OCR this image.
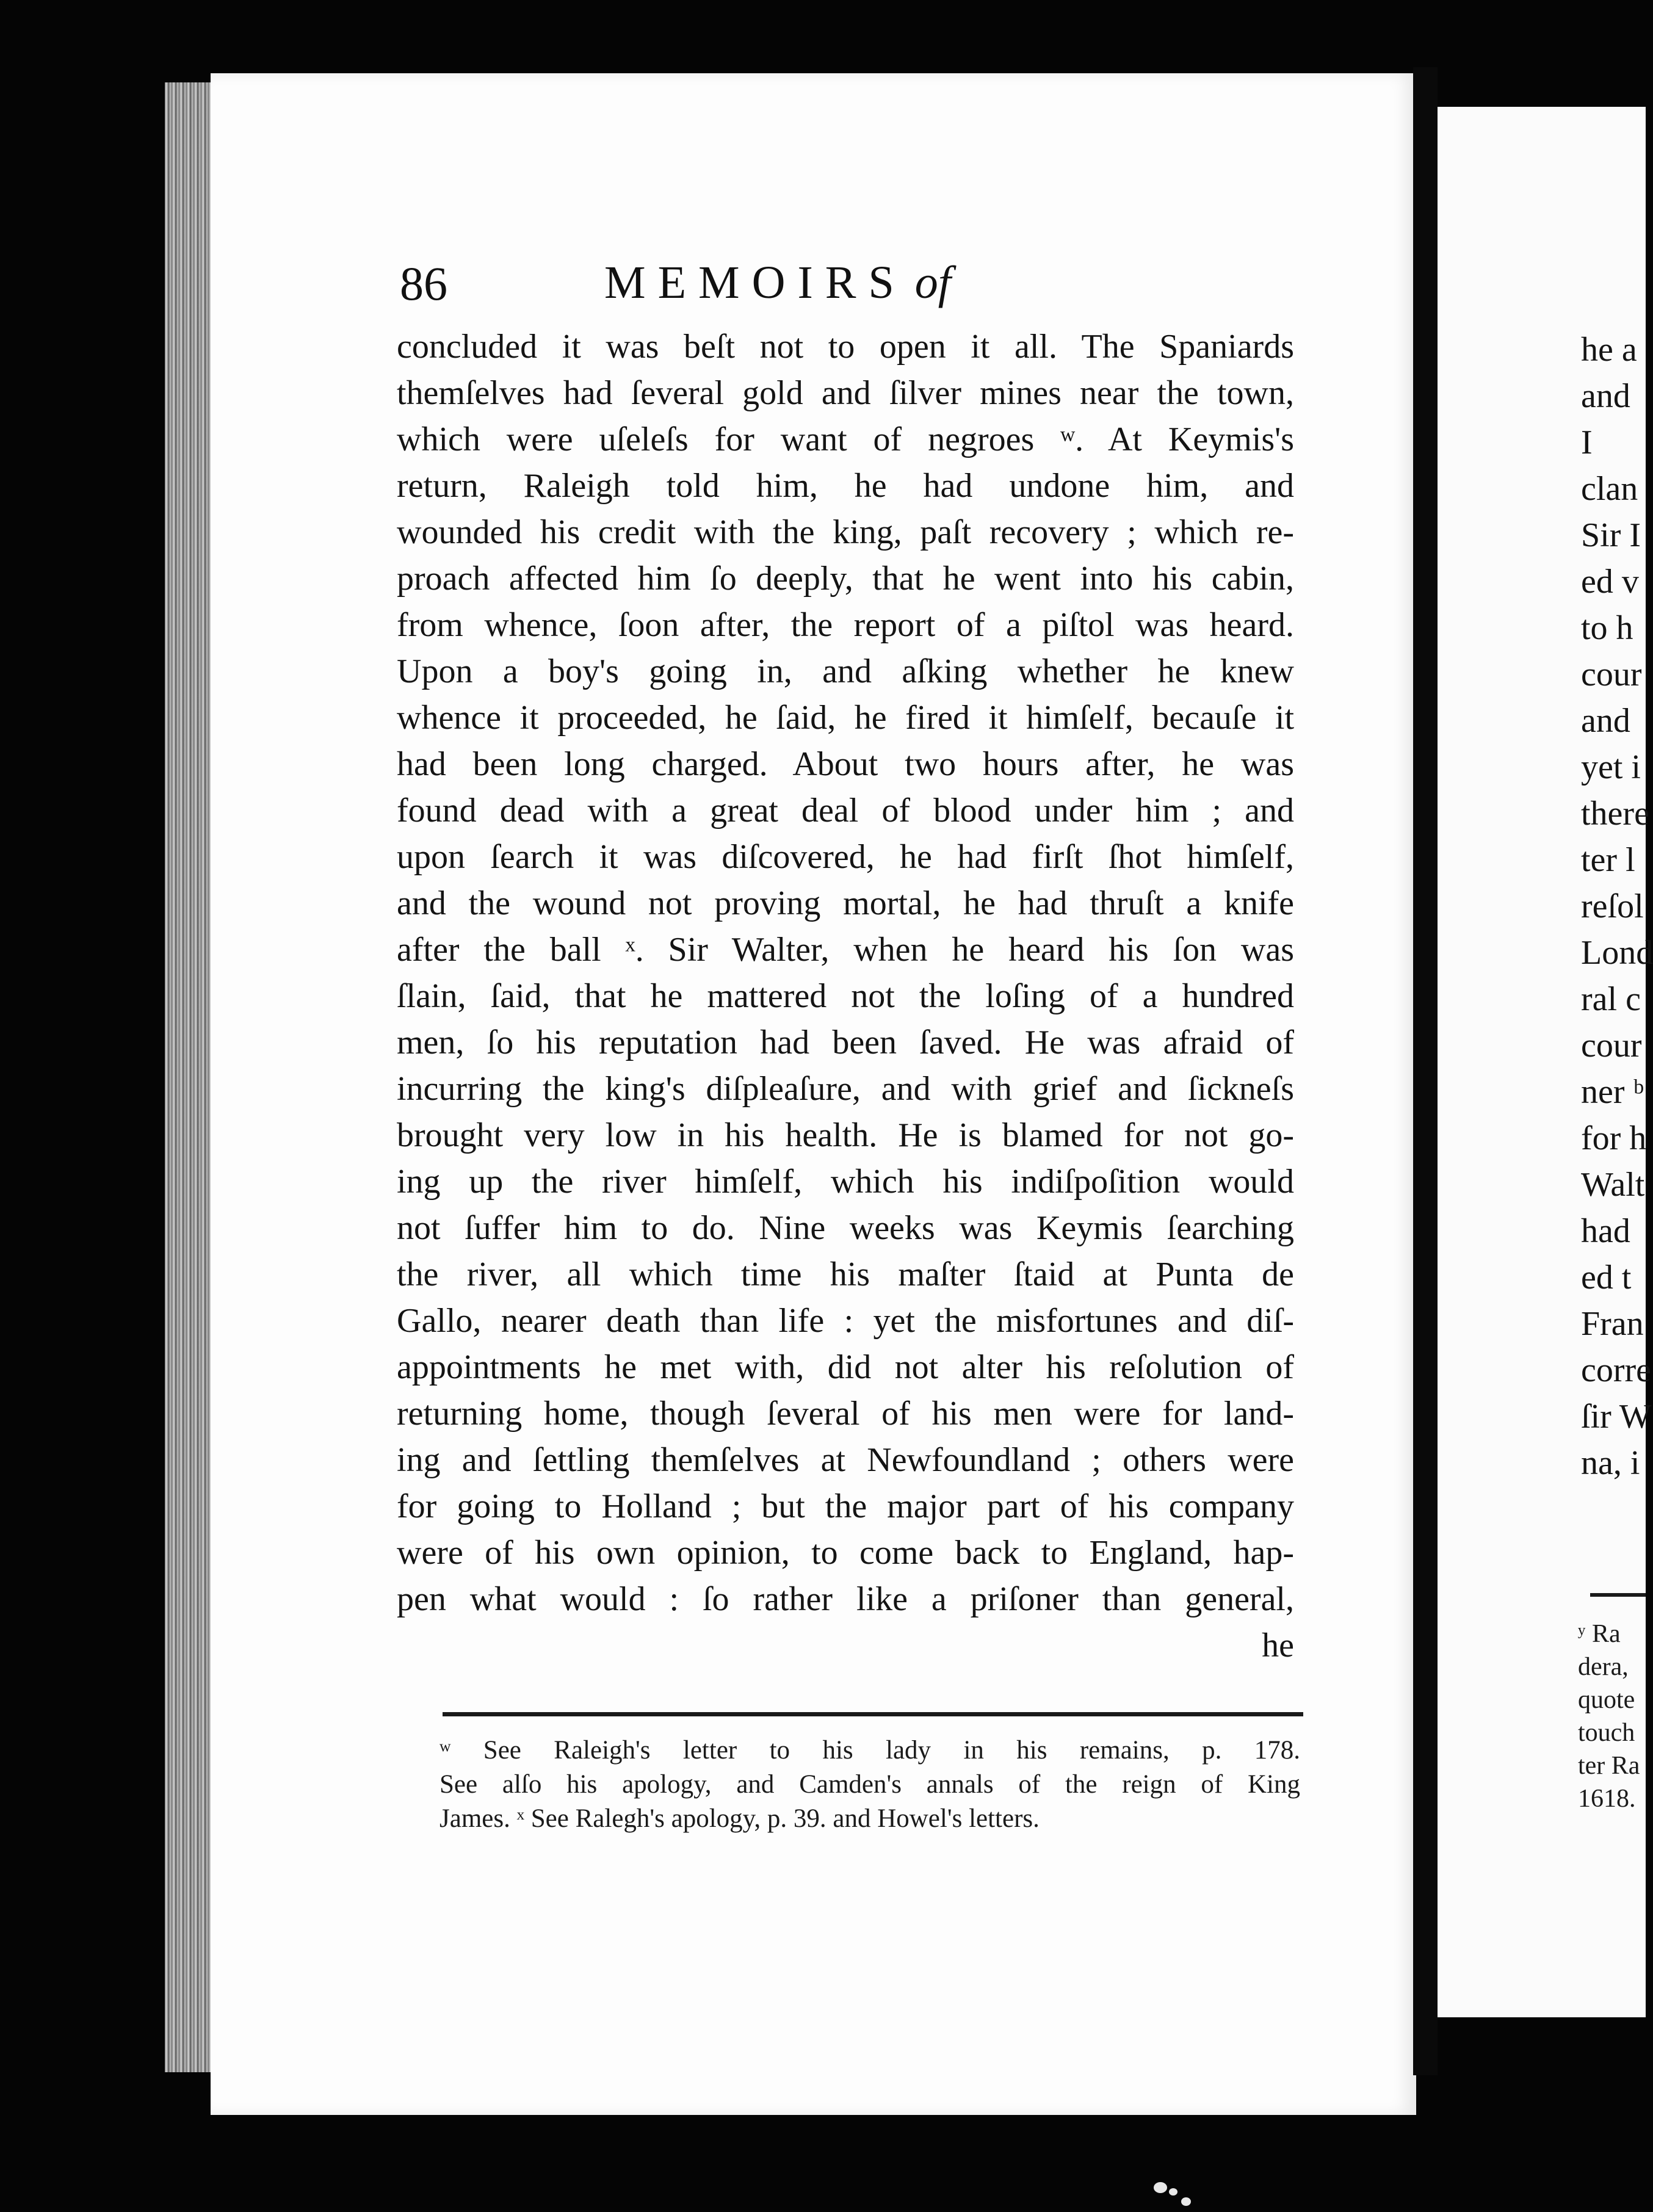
86	MEMOIRS of
concluded it was beſt not to open it all. The Spaniards
themſelves had ſeveral gold and ſilver mines near the town,
which were uſeleſs for want of negroes ʷ. At Keymis's
return, Raleigh told him, he had undone him, and
wounded his credit with the king, paſt recovery ; which re-
proach affected him ſo deeply, that he went into his cabin,
from whence, ſoon after, the report of a piſtol was heard.
Upon a boy's going in, and aſking whether he knew
whence it proceeded, he ſaid, he fired it himſelf, becauſe it
had been long charged. About two hours after, he was
found dead with a great deal of blood under him ; and
upon ſearch it was diſcovered, he had firſt ſhot himſelf,
and the wound not proving mortal, he had thruſt a knife
after the ball ˣ. Sir Walter, when he heard his ſon was
ſlain, ſaid, that he mattered not the loſing of a hundred
men, ſo his reputation had been ſaved. He was afraid of
incurring the king's diſpleaſure, and with grief and ſickneſs
brought very low in his health. He is blamed for not go-
ing up the river himſelf, which his indiſpoſition would
not ſuffer him to do. Nine weeks was Keymis ſearching
the river, all which time his maſter ſtaid at Punta de
Gallo, nearer death than life : yet the misfortunes and diſ-
appointments he met with, did not alter his reſolution of
returning home, though ſeveral of his men were for land-
ing and ſettling themſelves at Newfoundland ; others were
for going to Holland ; but the major part of his company
were of his own opinion, to come back to England, hap-
pen what would : ſo rather like a priſoner than general,
he
ʷ See Raleigh's letter to his lady in his remains, p. 178.
See alſo his apology, and Camden's annals of the reign of King
James. ˣ See Ralegh's apology, p. 39. and Howel's letters.
he a
and
I
clan
Sir I
ed v
to h
cour
and
yet i
there
ter l
reſol
Lond
ral c
cour
ner ᵇ
for h
Walt
had
ed t
Fran
corre
ſir W
na, i
ʸ Ra
dera,
quote
touch
ter Ra
1618.
